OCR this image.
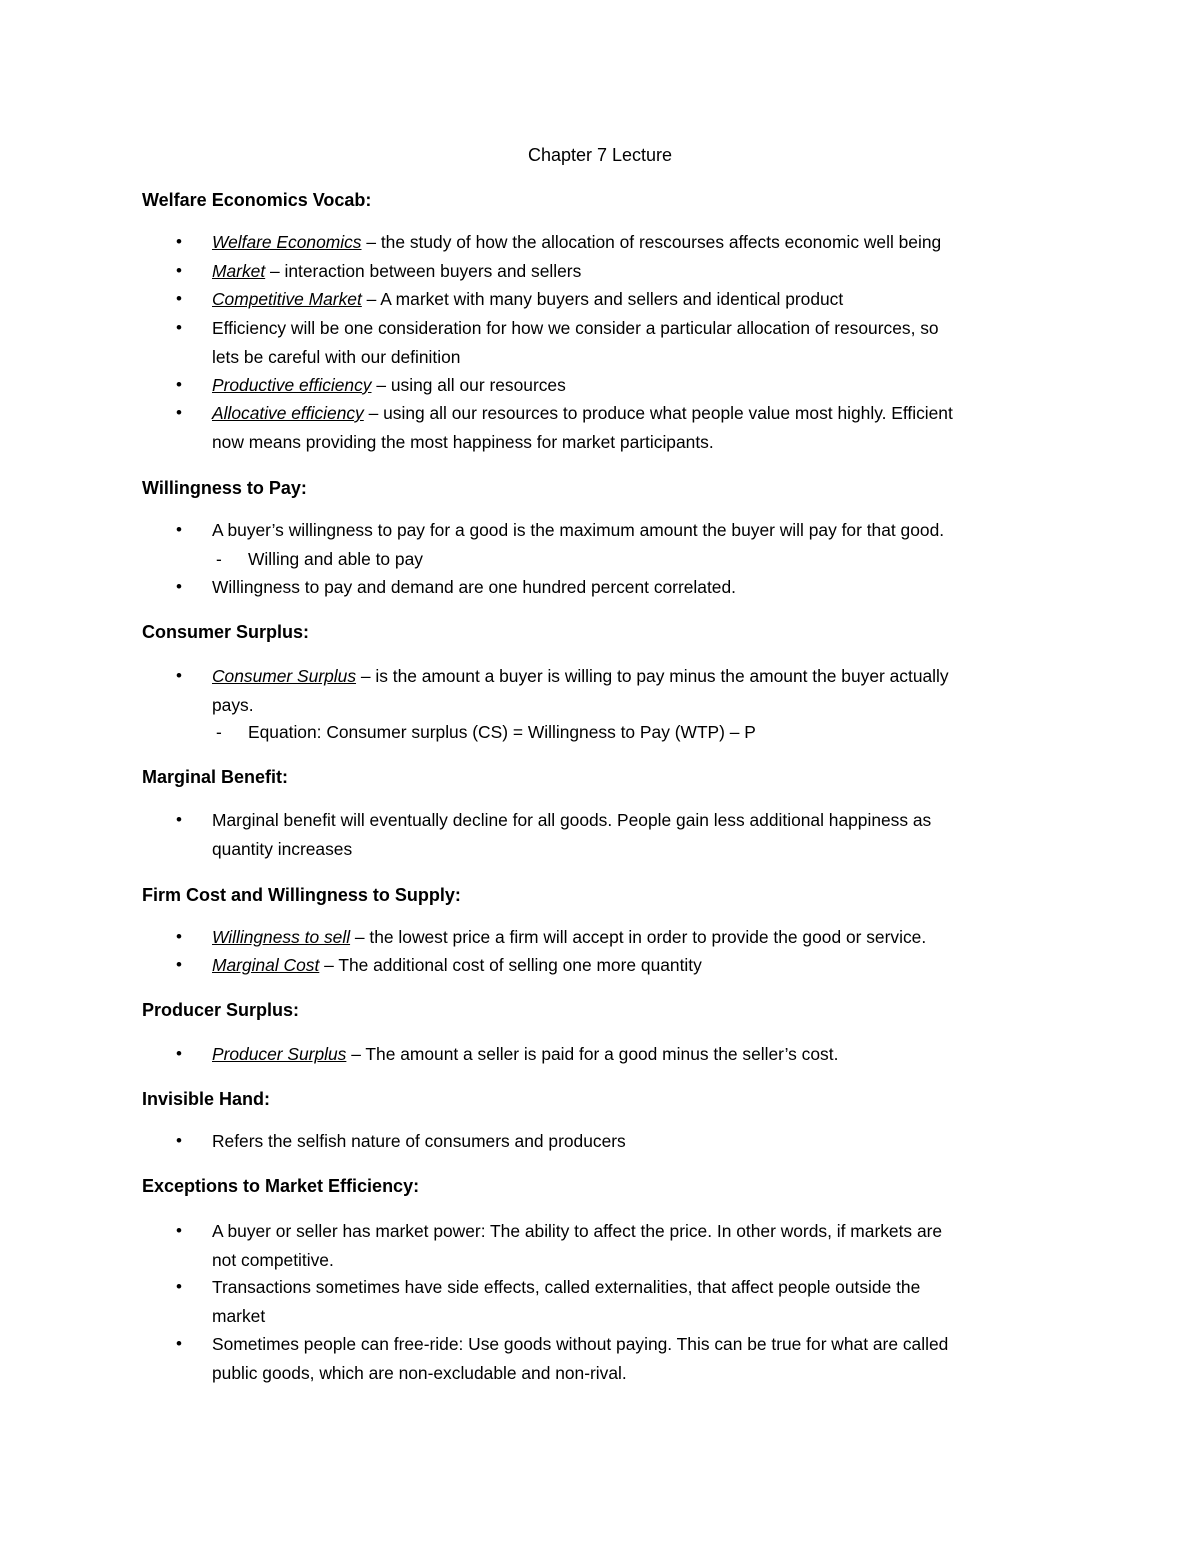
Chapter 7 Lecture
Welfare Economics Vocab:
• Welfare Economics – the study of how the allocation of rescourses affects economic well being
• Market – interaction between buyers and sellers
• Competitive Market – A market with many buyers and sellers and identical product
• Efficiency will be one consideration for how we consider a particular allocation of resources, so
lets be careful with our definition
• Productive efficiency – using all our resources
• Allocative efficiency – using all our resources to produce what people value most highly. Efficient
now means providing the most happiness for market participants.
Willingness to Pay:
• A buyer’s willingness to pay for a good is the maximum amount the buyer will pay for that good.
- Willing and able to pay
• Willingness to pay and demand are one hundred percent correlated.
Consumer Surplus:
• Consumer Surplus – is the amount a buyer is willing to pay minus the amount the buyer actually
pays.
- Equation: Consumer surplus (CS) = Willingness to Pay (WTP) – P
Marginal Benefit:
• Marginal benefit will eventually decline for all goods. People gain less additional happiness as
quantity increases
Firm Cost and Willingness to Supply:
• Willingness to sell – the lowest price a firm will accept in order to provide the good or service.
• Marginal Cost – The additional cost of selling one more quantity
Producer Surplus:
• Producer Surplus – The amount a seller is paid for a good minus the seller’s cost.
Invisible Hand:
• Refers the selfish nature of consumers and producers
Exceptions to Market Efficiency:
• A buyer or seller has market power: The ability to affect the price. In other words, if markets are
not competitive.
• Transactions sometimes have side effects, called externalities, that affect people outside the
market
• Sometimes people can free-ride: Use goods without paying. This can be true for what are called
public goods, which are non-excludable and non-rival.
